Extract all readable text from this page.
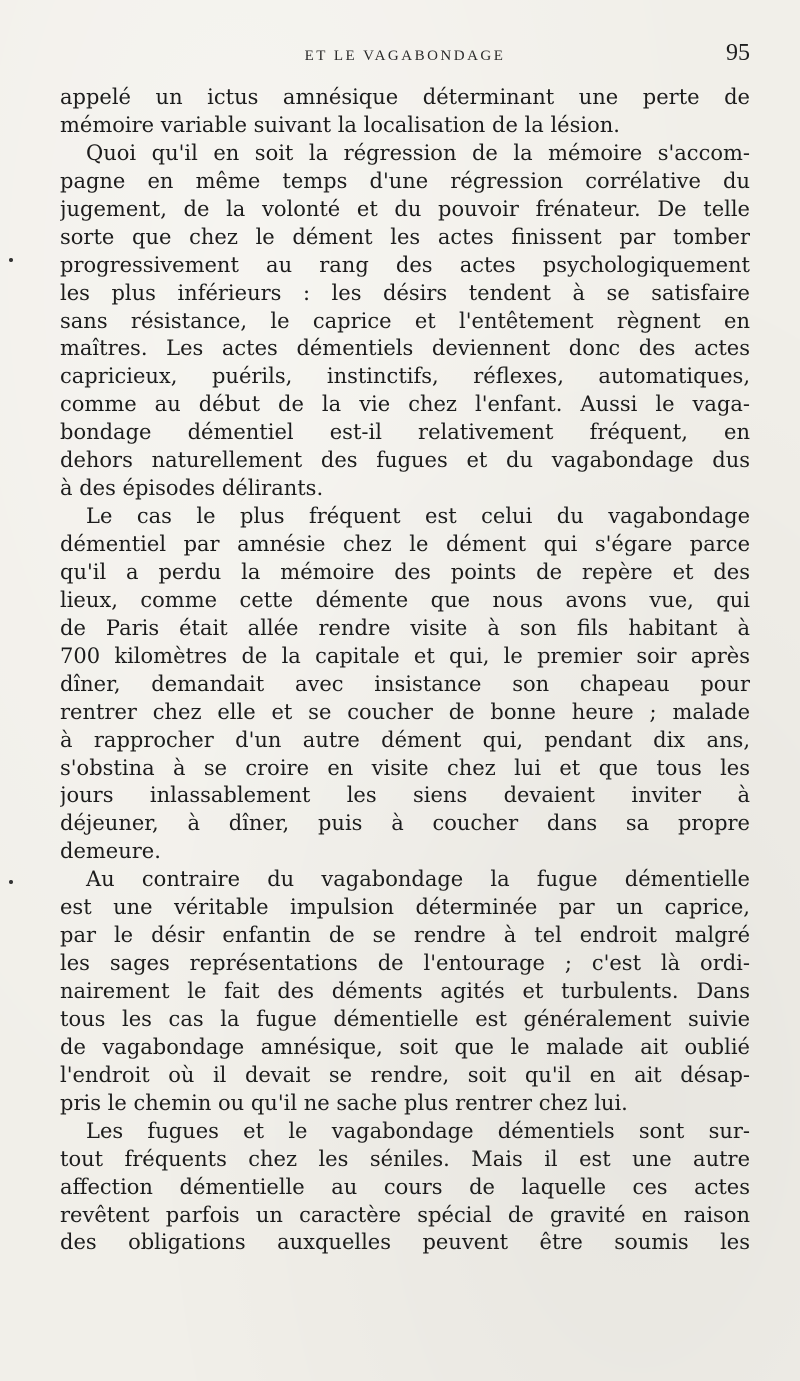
ET LE VAGABONDAGE	95
appelé un ictus amnésique déterminant une perte de
mémoire variable suivant la localisation de la lésion.
Quoi qu'il en soit la régression de la mémoire s'accom-
pagne en même temps d'une régression corrélative du
jugement, de la volonté et du pouvoir frénateur. De telle
sorte que chez le dément les actes finissent par tomber
progressivement au rang des actes psychologiquement
les plus inférieurs : les désirs tendent à se satisfaire
sans résistance, le caprice et l'entêtement règnent en
maîtres. Les actes démentiels deviennent donc des actes
capricieux, puérils, instinctifs, réflexes, automatiques,
comme au début de la vie chez l'enfant. Aussi le vaga-
bondage démentiel est-il relativement fréquent, en
dehors naturellement des fugues et du vagabondage dus
à des épisodes délirants.
Le cas le plus fréquent est celui du vagabondage
démentiel par amnésie chez le dément qui s'égare parce
qu'il a perdu la mémoire des points de repère et des
lieux, comme cette démente que nous avons vue, qui
de Paris était allée rendre visite à son fils habitant à
700 kilomètres de la capitale et qui, le premier soir après
dîner, demandait avec insistance son chapeau pour
rentrer chez elle et se coucher de bonne heure ; malade
à rapprocher d'un autre dément qui, pendant dix ans,
s'obstina à se croire en visite chez lui et que tous les
jours inlassablement les siens devaient inviter à
déjeuner, à dîner, puis à coucher dans sa propre
demeure.
Au contraire du vagabondage la fugue démentielle
est une véritable impulsion déterminée par un caprice,
par le désir enfantin de se rendre à tel endroit malgré
les sages représentations de l'entourage ; c'est là ordi-
nairement le fait des déments agités et turbulents. Dans
tous les cas la fugue démentielle est généralement suivie
de vagabondage amnésique, soit que le malade ait oublié
l'endroit où il devait se rendre, soit qu'il en ait désap-
pris le chemin ou qu'il ne sache plus rentrer chez lui.
Les fugues et le vagabondage démentiels sont sur-
tout fréquents chez les séniles. Mais il est une autre
affection démentielle au cours de laquelle ces actes
revêtent parfois un caractère spécial de gravité en raison
des obligations auxquelles peuvent être soumis les
